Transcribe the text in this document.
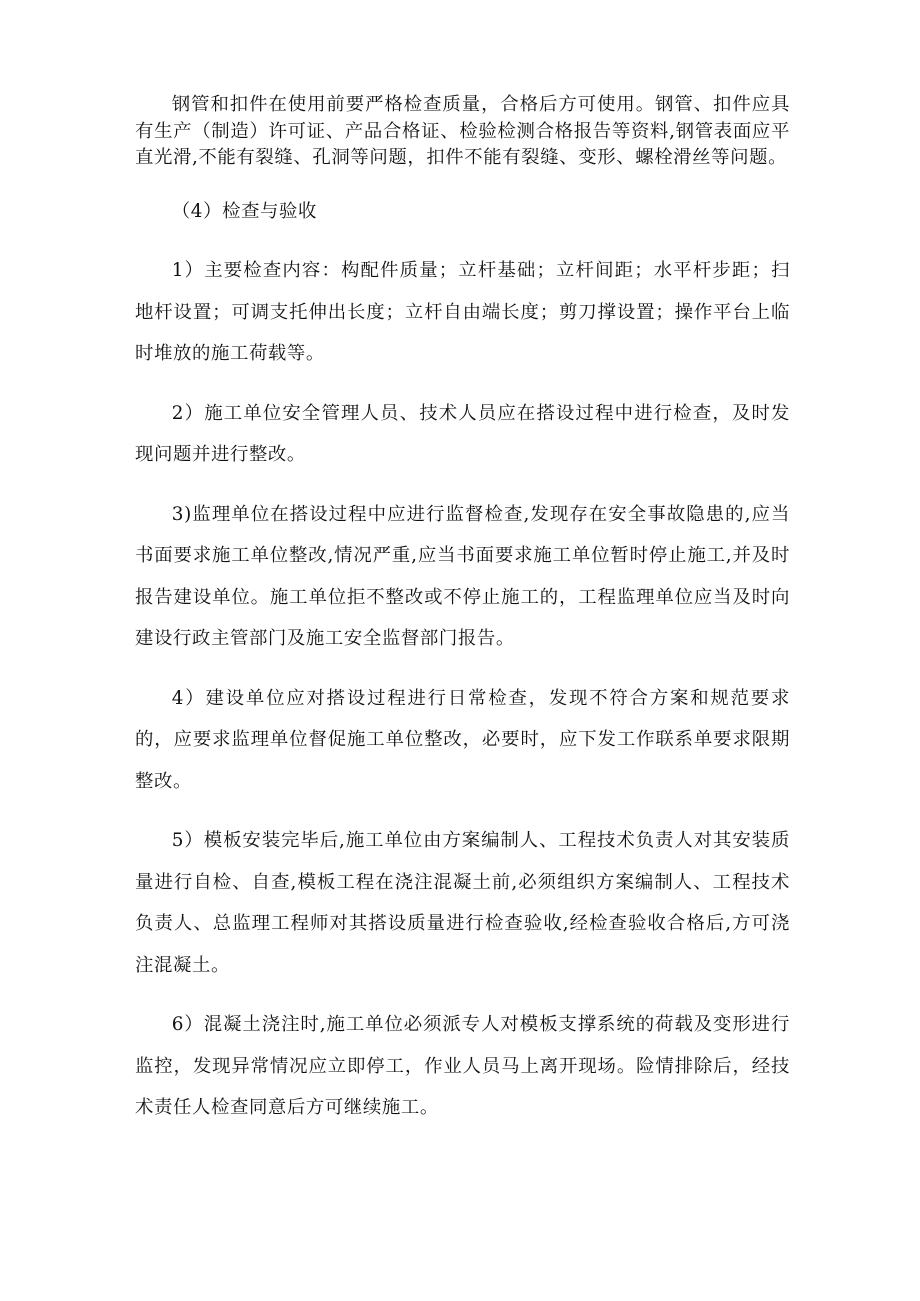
钢管和扣件在使用前要严格检查质量，合格后方可使用。钢管、扣件应具有生产（制造）许可证、产品合格证、检验检测合格报告等资料,钢管表面应平直光滑,不能有裂缝、孔洞等问题，扣件不能有裂缝、变形、螺栓滑丝等问题。

（4）检查与验收

1）主要检查内容：构配件质量；立杆基础；立杆间距；水平杆步距；扫地杆设置；可调支托伸出长度；立杆自由端长度；剪刀撑设置；操作平台上临时堆放的施工荷载等。

2）施工单位安全管理人员、技术人员应在搭设过程中进行检查，及时发现问题并进行整改。

3)监理单位在搭设过程中应进行监督检查,发现存在安全事故隐患的,应当书面要求施工单位整改,情况严重,应当书面要求施工单位暂时停止施工,并及时报告建设单位。施工单位拒不整改或不停止施工的，工程监理单位应当及时向建设行政主管部门及施工安全监督部门报告。

4）建设单位应对搭设过程进行日常检查，发现不符合方案和规范要求的，应要求监理单位督促施工单位整改，必要时，应下发工作联系单要求限期整改。

5）模板安装完毕后,施工单位由方案编制人、工程技术负责人对其安装质量进行自检、自查,模板工程在浇注混凝土前,必须组织方案编制人、工程技术负责人、总监理工程师对其搭设质量进行检查验收,经检查验收合格后,方可浇注混凝土。

6）混凝土浇注时,施工单位必须派专人对模板支撑系统的荷载及变形进行监控，发现异常情况应立即停工，作业人员马上离开现场。险情排除后，经技术责任人检查同意后方可继续施工。
